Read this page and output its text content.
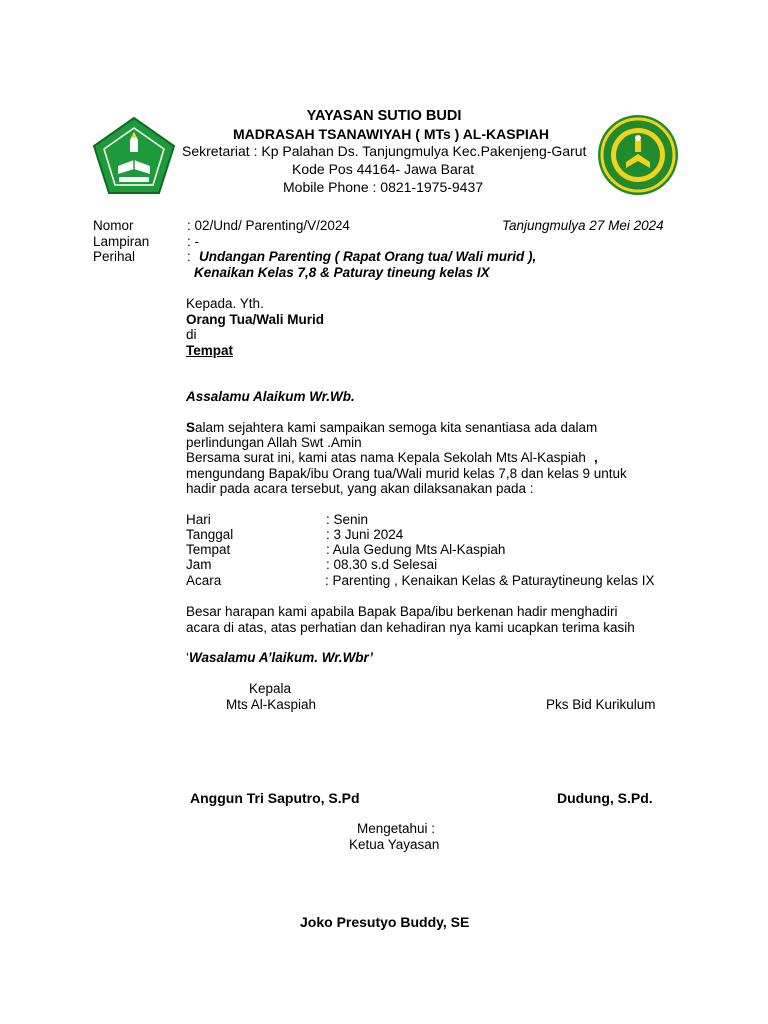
YAYASAN SUTIO BUDI
MADRASAH TSANAWIYAH ( MTs ) AL-KASPIAH
Sekretariat : Kp Palahan Ds. Tanjungmulya Kec.Pakenjeng-Garut
Kode Pos 44164- Jawa Barat
Mobile Phone : 0821-1975-9437
Nomor	: 02/Und/ Parenting/V/2024	Tanjungmulya 27 Mei 2024
Lampiran	: -
Perihal	: Undangan Parenting ( Rapat Orang tua/ Wali murid ),
Kenaikan Kelas 7,8 & Paturay tineung kelas IX
Kepada. Yth.
Orang Tua/Wali Murid
di
Tempat
Assalamu Alaikum Wr.Wb.
Salam sejahtera kami sampaikan semoga kita senantiasa ada dalam
perlindungan Allah Swt .Amin
Bersama surat ini, kami atas nama Kepala Sekolah Mts Al-Kaspiah ,
mengundang Bapak/ibu Orang tua/Wali murid kelas 7,8 dan kelas 9 untuk
hadir pada acara tersebut, yang akan dilaksanakan pada :
Hari	: Senin
Tanggal	: 3 Juni 2024
Tempat	: Aula Gedung Mts Al-Kaspiah
Jam	: 08.30 s.d Selesai
Acara	: Parenting , Kenaikan Kelas & Paturaytineung kelas IX
Besar harapan kami apabila Bapak Bapa/ibu berkenan hadir menghadiri
acara di atas, atas perhatian dan kehadiran nya kami ucapkan terima kasih
‘Wasalamu A’laikum. Wr.Wbr’
Kepala
Mts Al-Kaspiah	Pks Bid Kurikulum
Anggun Tri Saputro, S.Pd	Dudung, S.Pd.
Mengetahui :
Ketua Yayasan
Joko Presutyo Buddy, SE
